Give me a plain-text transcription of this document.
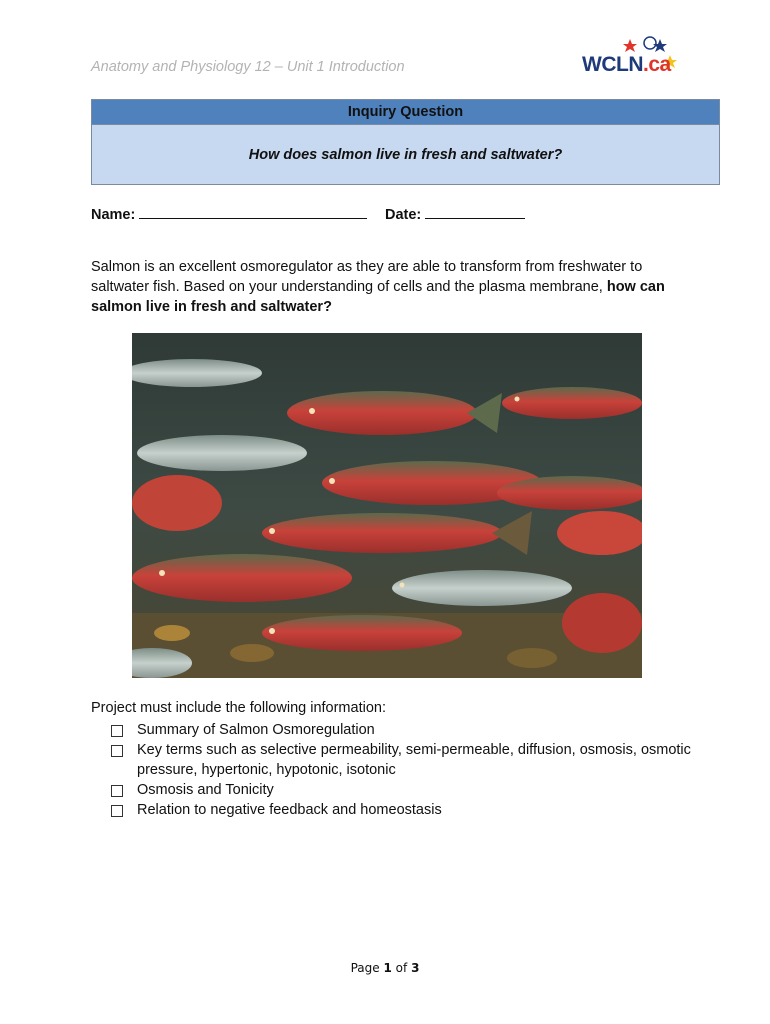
Anatomy and Physiology 12 – Unit 1 Introduction	WCLN.ca
Inquiry Question
How does salmon live in fresh and saltwater?
Name:	Date:
Salmon is an excellent osmoregulator as they are able to transform from freshwater to saltwater fish. Based on your understanding of cells and the plasma membrane, how can salmon live in fresh and saltwater?
Project must include the following information:
Summary of Salmon Osmoregulation
Key terms such as selective permeability, semi-permeable, diffusion, osmosis, osmotic pressure, hypertonic, hypotonic, isotonic
Osmosis and Tonicity
Relation to negative feedback and homeostasis
Page 1 of 3
